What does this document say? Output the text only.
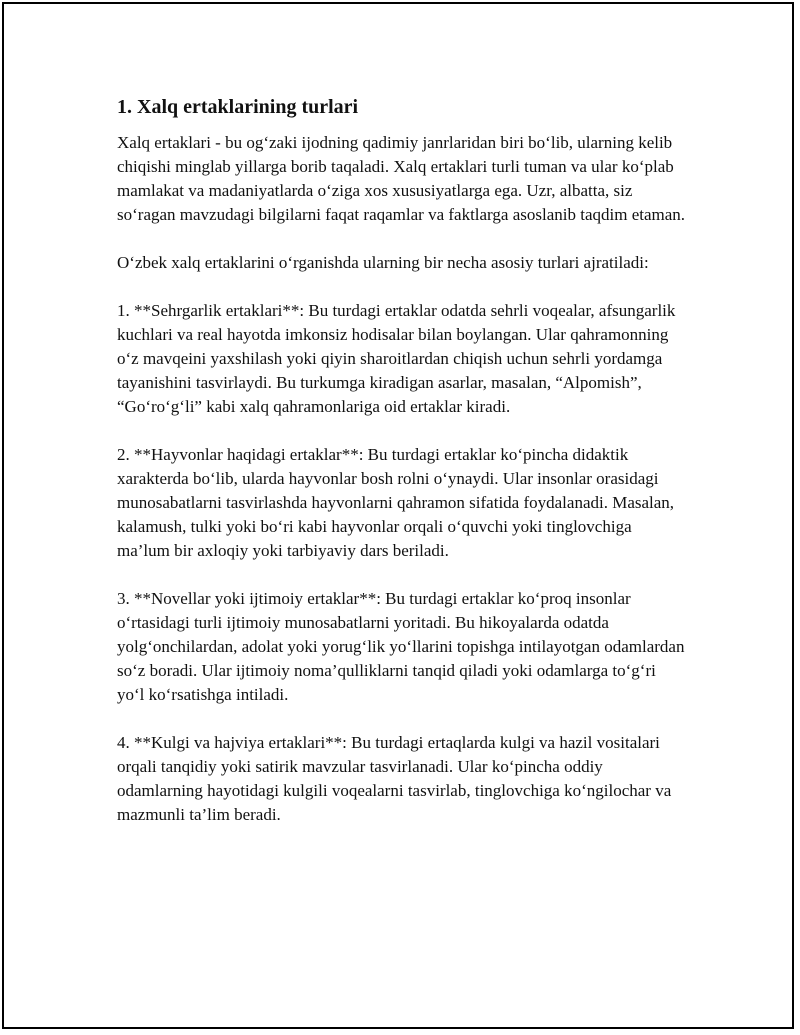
1. Xalq ertaklarining turlari

Xalq ertaklari - bu og‘zaki ijodning qadimiy janrlaridan biri bo‘lib, ularning kelib chiqishi minglab yillarga borib taqaladi. Xalq ertaklari turli tuman va ular ko‘plab mamlakat va madaniyatlarda o‘ziga xos xususiyatlarga ega. Uzr, albatta, siz so‘ragan mavzudagi bilgilarni faqat raqamlar va faktlarga asoslanib taqdim etaman.

O‘zbek xalq ertaklarini o‘rganishda ularning bir necha asosiy turlari ajratiladi:

1. **Sehrgarlik ertaklari**: Bu turdagi ertaklar odatda sehrli voqealar, afsungarlik kuchlari va real hayotda imkonsiz hodisalar bilan boylangan. Ular qahramonning o‘z mavqeini yaxshilash yoki qiyin sharoitlardan chiqish uchun sehrli yordamga tayanishini tasvirlaydi. Bu turkumga kiradigan asarlar, masalan, “Alpomish”, “Go‘ro‘g‘li” kabi xalq qahramonlariga oid ertaklar kiradi.

2. **Hayvonlar haqidagi ertaklar**: Bu turdagi ertaklar ko‘pincha didaktik xarakterda bo‘lib, ularda hayvonlar bosh rolni o‘ynaydi. Ular insonlar orasidagi munosabatlarni tasvirlashda hayvonlarni qahramon sifatida foydalanadi. Masalan, kalamush, tulki yoki bo‘ri kabi hayvonlar orqali o‘quvchi yoki tinglovchiga ma’lum bir axloqiy yoki tarbiyaviy dars beriladi.

3. **Novellar yoki ijtimoiy ertaklar**: Bu turdagi ertaklar ko‘proq insonlar o‘rtasidagi turli ijtimoiy munosabatlarni yoritadi. Bu hikoyalarda odatda yolg‘onchilardan, adolat yoki yorug‘lik yo‘llarini topishga intilayotgan odamlardan so‘z boradi. Ular ijtimoiy noma’qulliklarni tanqid qiladi yoki odamlarga to‘g‘ri yo‘l ko‘rsatishga intiladi.

4. **Kulgi va hajviya ertaklari**: Bu turdagi ertaqlarda kulgi va hazil vositalari orqali tanqidiy yoki satirik mavzular tasvirlanadi. Ular ko‘pincha oddiy odamlarning hayotidagi kulgili voqealarni tasvirlab, tinglovchiga ko‘ngilochar va mazmunli ta’lim beradi.
